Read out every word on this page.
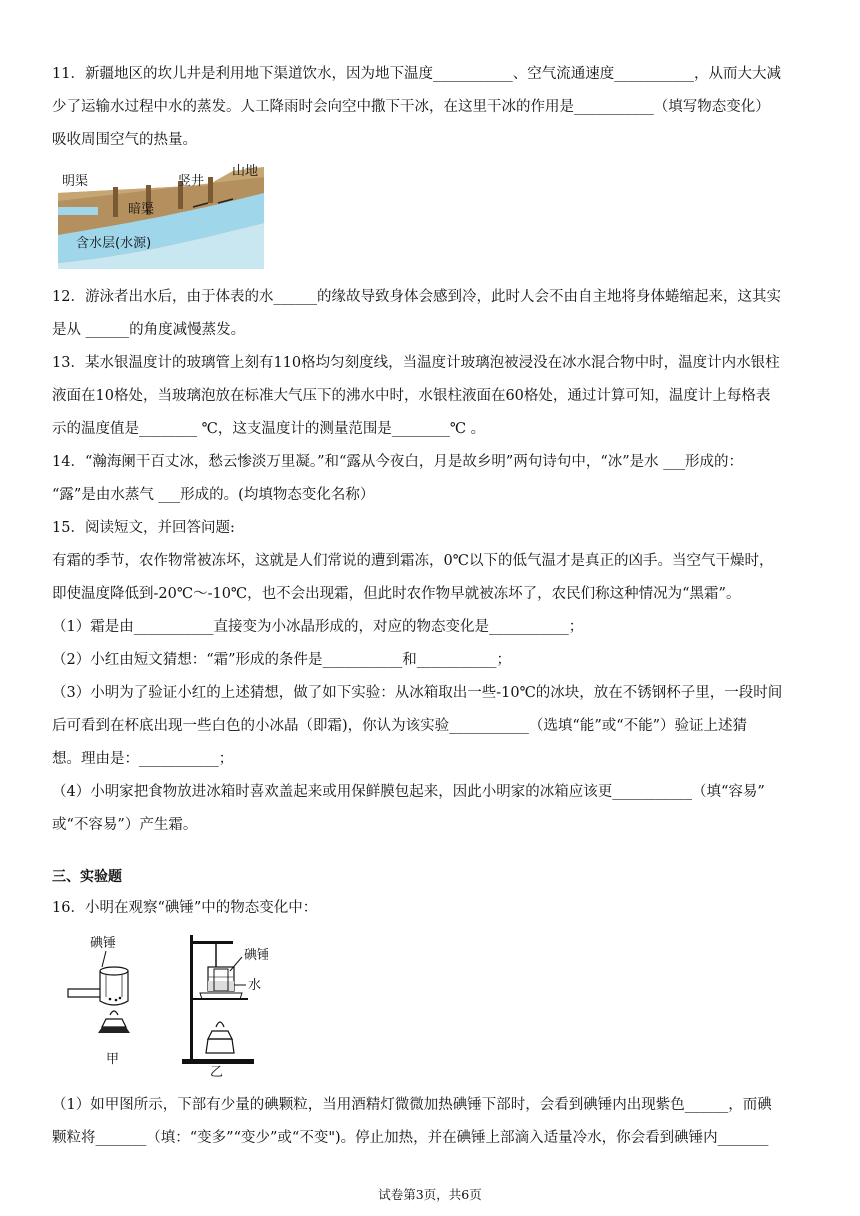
11．新疆地区的坎儿井是利用地下渠道饮水，因为地下温度___________、空气流通速度___________，从而大大减

少了运输水过程中水的蒸发。人工降雨时会向空中撒下干冰，在这里干冰的作用是___________（填写物态变化）

吸收周围空气的热量。

明渠	竖井
山地
暗渠
含水层(水源)

12．游泳者出水后，由于体表的水______的缘故导致身体会感到冷，此时人会不由自主地将身体蜷缩起来，这其实

是从 ______的角度减慢蒸发。

13．某水银温度计的玻璃管上刻有110格均匀刻度线，当温度计玻璃泡被浸没在冰水混合物中时，温度计内水银柱

液面在10格处，当玻璃泡放在标准大气压下的沸水中时，水银柱液面在60格处，通过计算可知，温度计上每格表

示的温度值是________ ℃，这支温度计的测量范围是________℃ 。

14．“瀚海阑干百丈冰，愁云惨淡万里凝。”和“露从今夜白，月是故乡明”两句诗句中，“冰”是水 ___形成的：

“露”是由水蒸气 ___形成的。(均填物态变化名称）

15．阅读短文，并回答问题:

有霜的季节，农作物常被冻坏，这就是人们常说的遭到霜冻，0℃以下的低气温才是真正的凶手。当空气干燥时，

即使温度降低到-20℃～-10℃，也不会出现霜，但此时农作物早就被冻坏了，农民们称这种情况为“黑霜”。

（1）霜是由___________直接变为小冰晶形成的，对应的物态变化是___________；

（2）小红由短文猜想：“霜”形成的条件是___________和___________；

（3）小明为了验证小红的上述猜想，做了如下实验：从冰箱取出一些-10℃的冰块，放在不锈钢杯子里，一段时间

后可看到在杯底出现一些白色的小冰晶（即霜)，你认为该实验___________（选填“能”或“不能”）验证上述猜

想。理由是：___________；

（4）小明家把食物放进冰箱时喜欢盖起来或用保鲜膜包起来，因此小明家的冰箱应该更___________（填“容易”

或“不容易”）产生霜。

三、实验题

16．小明在观察“碘锤”中的物态变化中：

碘锤
甲
碘锤
水
乙

（1）如甲图所示，下部有少量的碘颗粒，当用酒精灯微微加热碘锤下部时，会看到碘锤内出现紫色______，而碘

颗粒将_______（填：“变多”“变少”或“不变")。停止加热，并在碘锤上部滴入适量冷水，你会看到碘锤内_______

试卷第3页，共6页
